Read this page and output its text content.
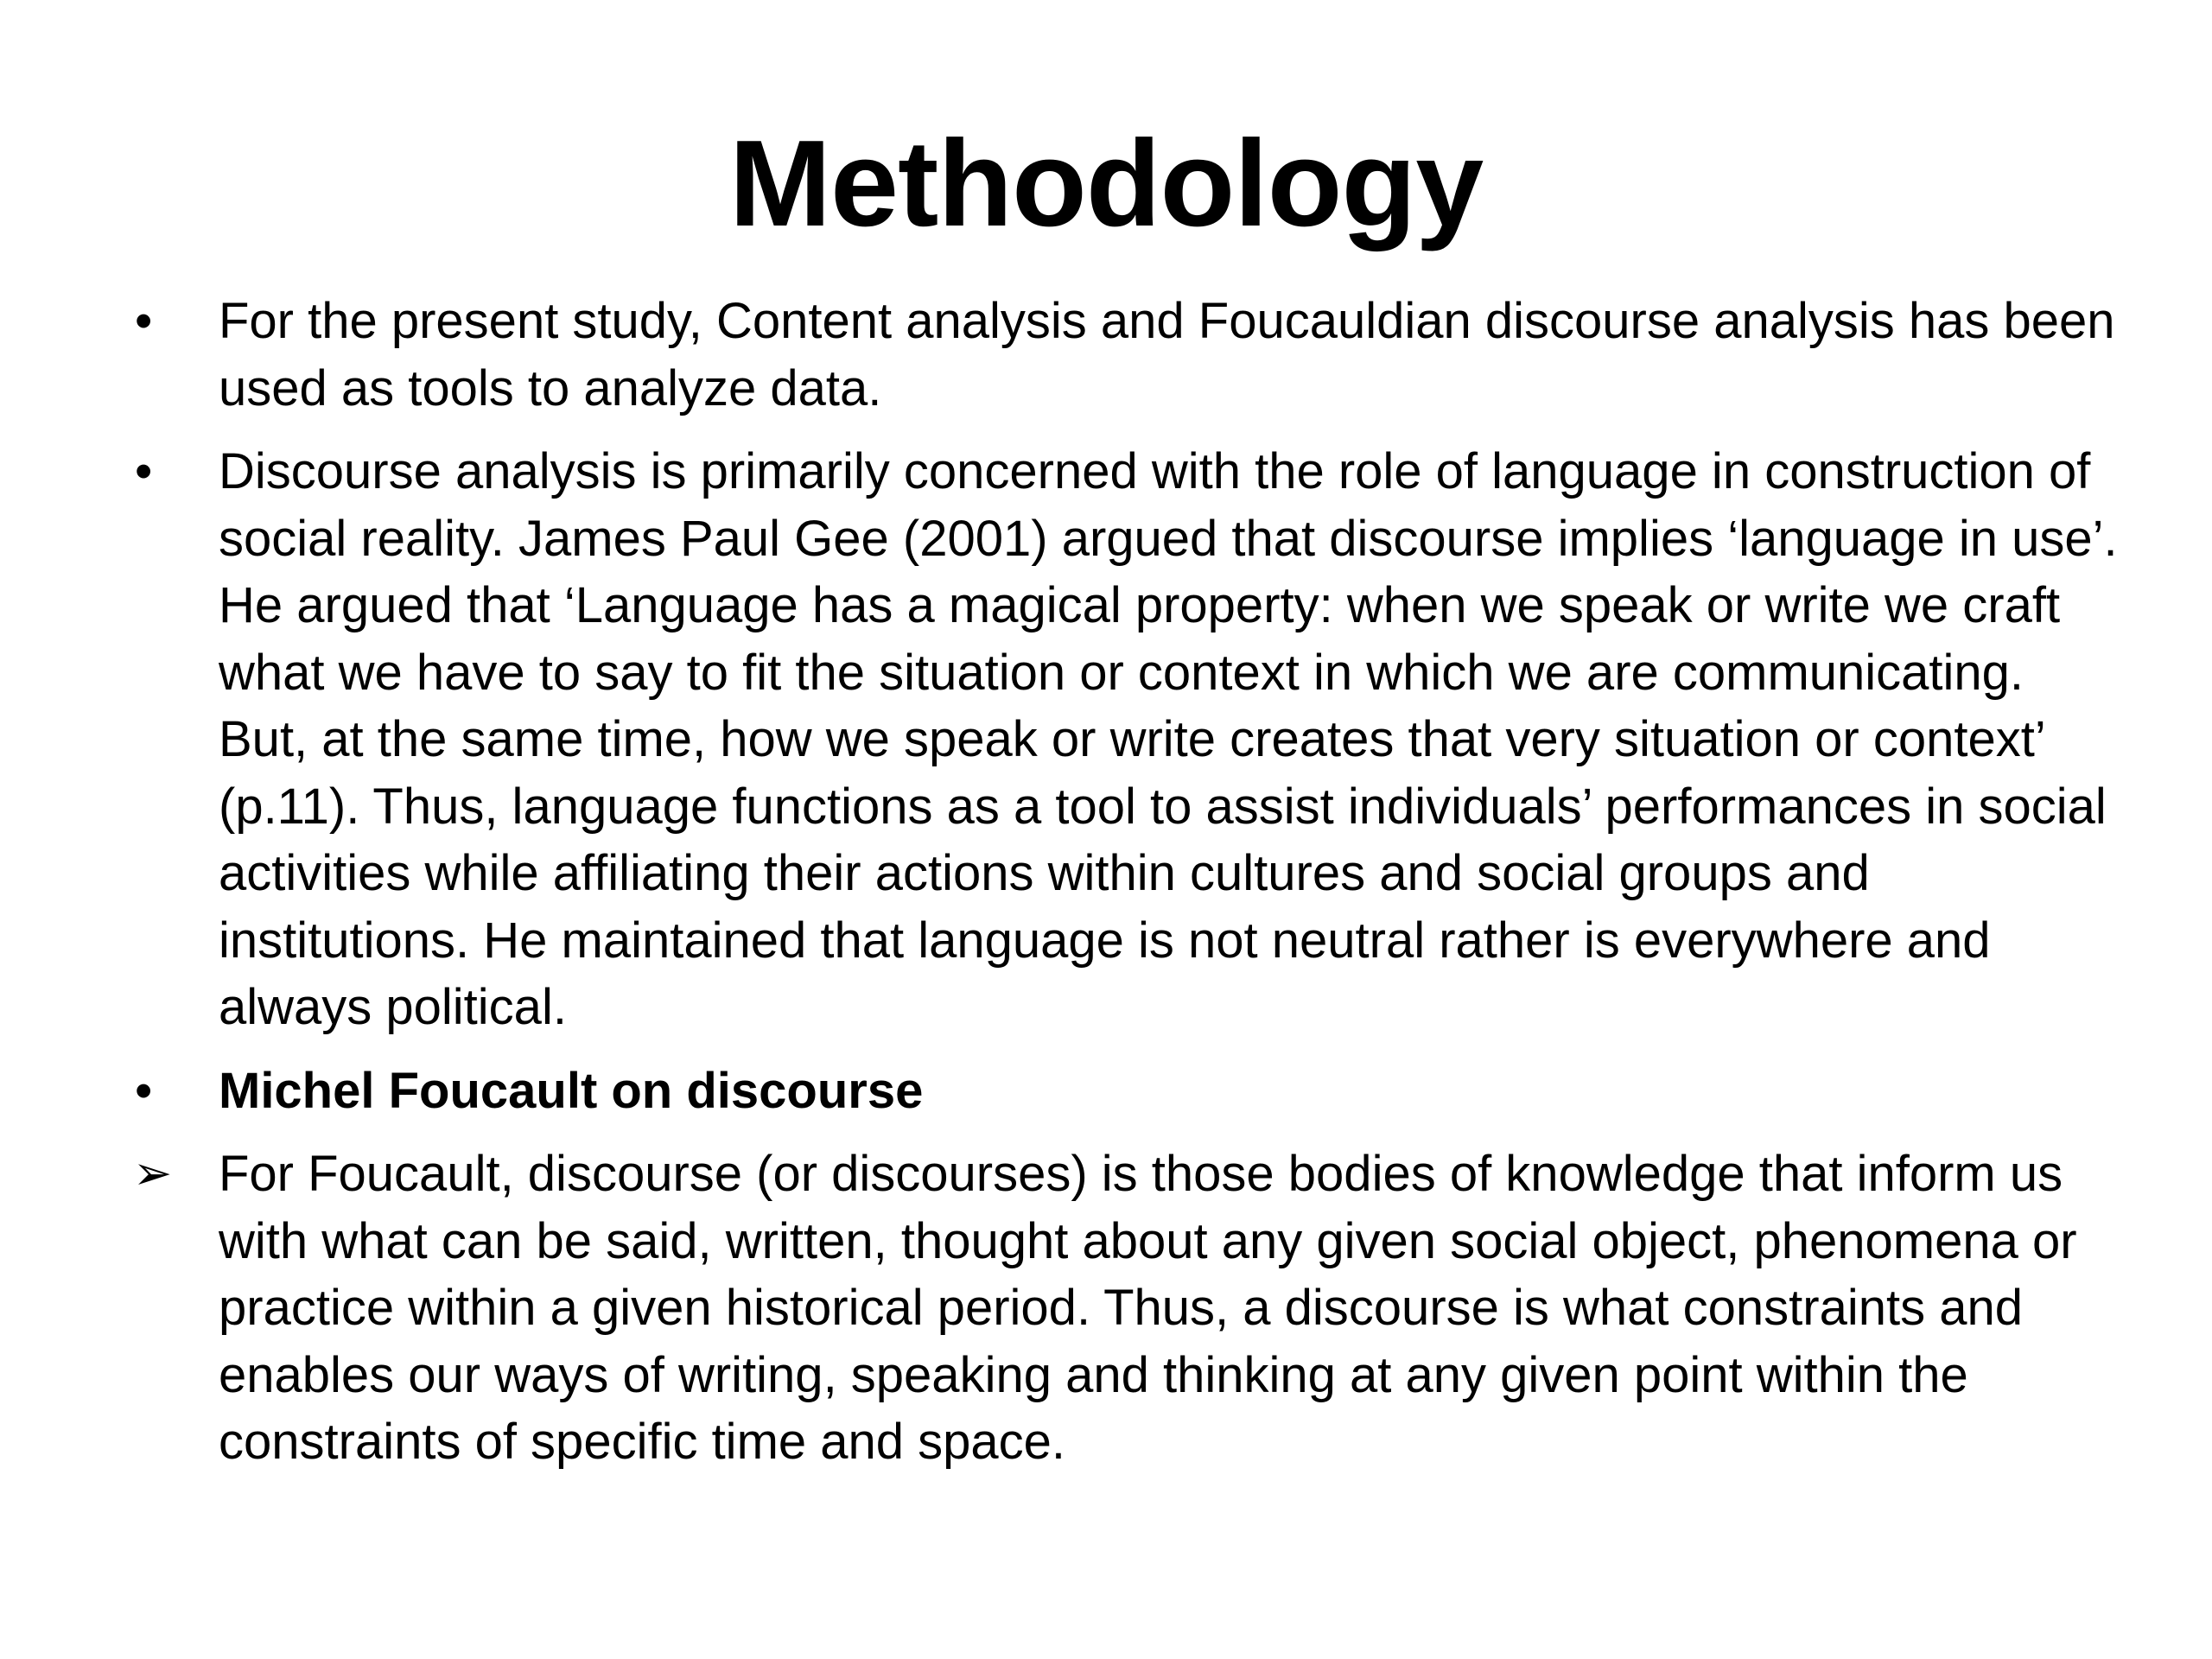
Methodology
•	For the present study, Content analysis and Foucauldian discourse analysis has been used as tools to analyze data.
•	Discourse analysis is primarily concerned with the role of language in construction of social reality. James Paul Gee (2001) argued that discourse implies ‘language in use’. He argued that ‘Language has a magical property: when we speak or write we craft what we have to say to fit the situation or context in which we are communicating. But, at the same time, how we speak or write creates that very situation or context’ (p.11). Thus, language functions as a tool to assist individuals’ performances in social activities while affiliating their actions within cultures and social groups and institutions. He maintained that language is not neutral rather is everywhere and always political.
•	Michel Foucault on discourse
➢ For Foucault, discourse (or discourses) is those bodies of knowledge that inform us with what can be said, written, thought about any given social object, phenomena or practice within a given historical period. Thus, a discourse is what constraints and enables our ways of writing, speaking and thinking at any given point within the constraints of specific time and space.
